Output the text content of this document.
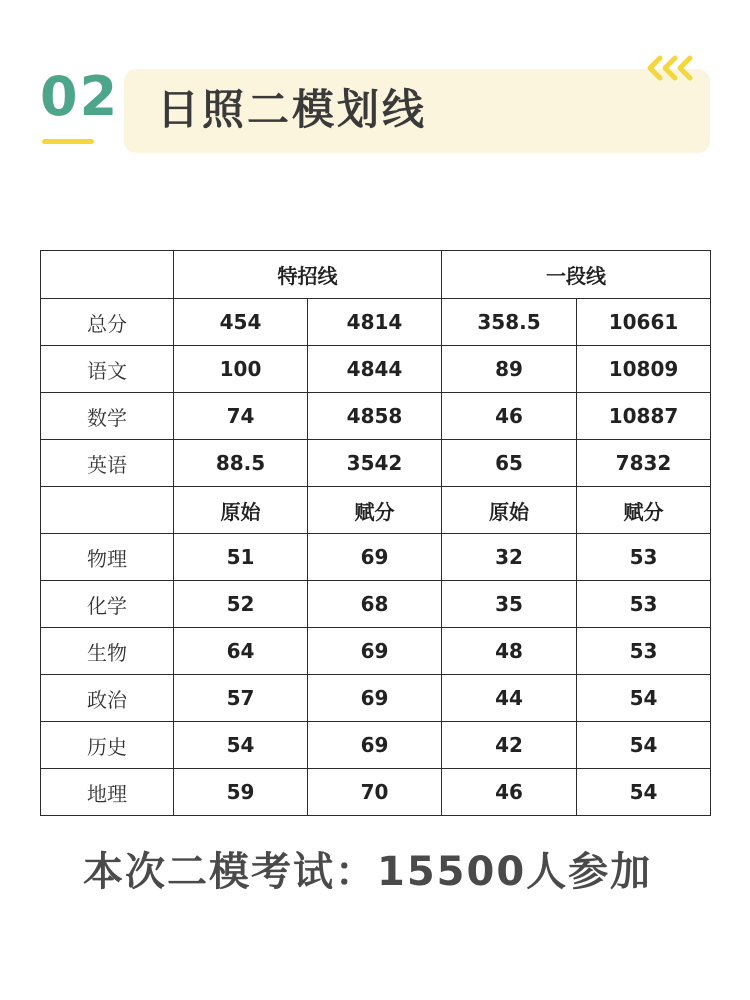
02 日照二模划线
	特招线		一段线	
总分	454	4814	358.5	10661
语文	100	4844	89	10809
数学	74	4858	46	10887
英语	88.5	3542	65	7832
	原始	赋分	原始	赋分
物理	51	69	32	53
化学	52	68	35	53
生物	64	69	48	53
政治	57	69	44	54
历史	54	69	42	54
地理	59	70	46	54
本次二模考试：15500人参加
